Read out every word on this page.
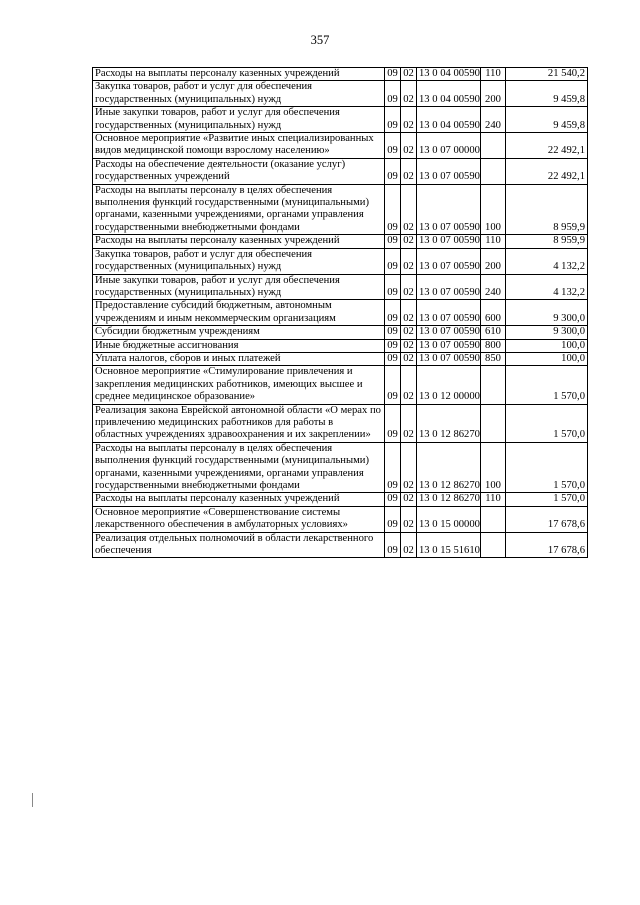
357
Расходы на выплаты персоналу казенных учреждений	09	02	13 0 04 00590	110	21 540,2
Закупка товаров, работ и услуг для обеспечения государственных (муниципальных) нужд	09	02	13 0 04 00590	200	9 459,8
Иные закупки товаров, работ и услуг для обеспечения государственных (муниципальных) нужд	09	02	13 0 04 00590	240	9 459,8
Основное мероприятие «Развитие иных специализированных видов медицинской помощи взрослому населению»	09	02	13 0 07 00000		22 492,1
Расходы на обеспечение деятельности (оказание услуг) государственных учреждений	09	02	13 0 07 00590		22 492,1
Расходы на выплаты персоналу в целях обеспечения выполнения функций государственными (муниципальными) органами, казенными учреждениями, органами управления государственными внебюджетными фондами	09	02	13 0 07 00590	100	8 959,9
Расходы на выплаты персоналу казенных учреждений	09	02	13 0 07 00590	110	8 959,9
Закупка товаров, работ и услуг для обеспечения государственных (муниципальных) нужд	09	02	13 0 07 00590	200	4 132,2
Иные закупки товаров, работ и услуг для обеспечения государственных (муниципальных) нужд	09	02	13 0 07 00590	240	4 132,2
Предоставление субсидий бюджетным, автономным учреждениям и иным некоммерческим организациям	09	02	13 0 07 00590	600	9 300,0
Субсидии бюджетным учреждениям	09	02	13 0 07 00590	610	9 300,0
Иные бюджетные ассигнования	09	02	13 0 07 00590	800	100,0
Уплата налогов, сборов и иных платежей	09	02	13 0 07 00590	850	100,0
Основное мероприятие «Стимулирование привлечения и закрепления медицинских работников, имеющих высшее и среднее медицинское образование»	09	02	13 0 12 00000		1 570,0
Реализация закона Еврейской автономной области «О мерах по привлечению медицинских работников для работы в областных учреждениях здравоохранения и их закреплении»	09	02	13 0 12 86270		1 570,0
Расходы на выплаты персоналу в целях обеспечения выполнения функций государственными (муниципальными) органами, казенными учреждениями, органами управления государственными внебюджетными фондами	09	02	13 0 12 86270	100	1 570,0
Расходы на выплаты персоналу казенных учреждений	09	02	13 0 12 86270	110	1 570,0
Основное мероприятие «Совершенствование системы лекарственного обеспечения в амбулаторных условиях»	09	02	13 0 15 00000		17 678,6
Реализация отдельных полномочий в области лекарственного обеспечения	09	02	13 0 15 51610		17 678,6
